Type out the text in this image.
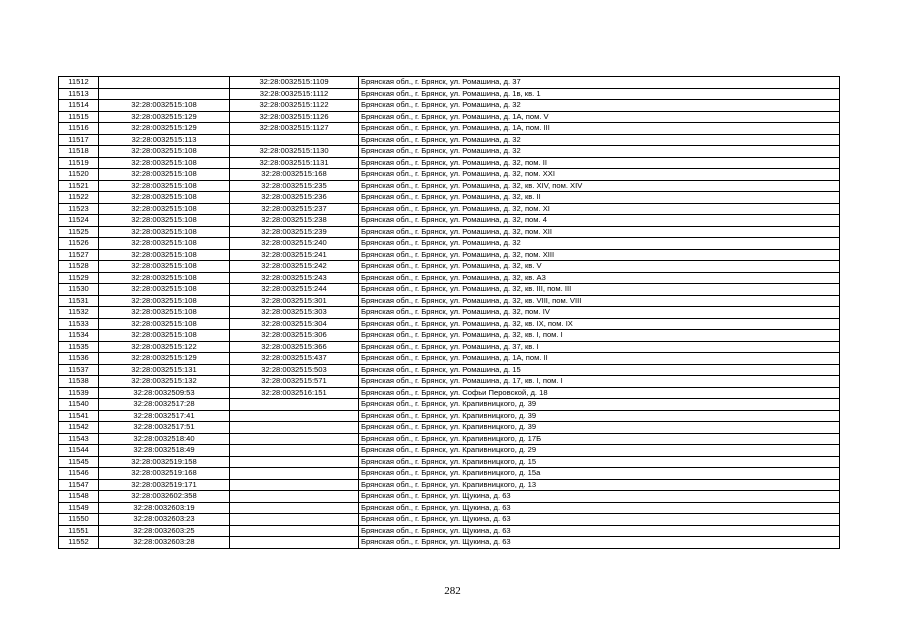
11512		32:28:0032515:1109	Брянская обл., г. Брянск, ул. Ромашина, д. 37
11513		32:28:0032515:1112	Брянская обл., г. Брянск, ул. Ромашина, д. 1в, кв. 1
11514	32:28:0032515:108	32:28:0032515:1122	Брянская обл., г. Брянск, ул. Ромашина, д. 32
11515	32:28:0032515:129	32:28:0032515:1126	Брянская обл., г. Брянск, ул. Ромашина, д. 1А, пом. V
11516	32:28:0032515:129	32:28:0032515:1127	Брянская обл., г. Брянск, ул. Ромашина, д. 1А, пом. III
11517	32:28:0032515:113		Брянская обл., г. Брянск, ул. Ромашина, д. 32
11518	32:28:0032515:108	32:28:0032515:1130	Брянская обл., г. Брянск, ул. Ромашина, д. 32
11519	32:28:0032515:108	32:28:0032515:1131	Брянская обл., г. Брянск, ул. Ромашина, д. 32, пом. II
11520	32:28:0032515:108	32:28:0032515:168	Брянская обл., г. Брянск, ул. Ромашина, д. 32, пом. XXI
11521	32:28:0032515:108	32:28:0032515:235	Брянская обл., г. Брянск, ул. Ромашина, д. 32, кв. XIV, пом. XIV
11522	32:28:0032515:108	32:28:0032515:236	Брянская обл., г. Брянск, ул. Ромашина, д. 32, кв. II
11523	32:28:0032515:108	32:28:0032515:237	Брянская обл., г. Брянск, ул. Ромашина, д. 32, пом. XI
11524	32:28:0032515:108	32:28:0032515:238	Брянская обл., г. Брянск, ул. Ромашина, д. 32, пом. 4
11525	32:28:0032515:108	32:28:0032515:239	Брянская обл., г. Брянск, ул. Ромашина, д. 32, пом. XII
11526	32:28:0032515:108	32:28:0032515:240	Брянская обл., г. Брянск, ул. Ромашина, д. 32
11527	32:28:0032515:108	32:28:0032515:241	Брянская обл., г. Брянск, ул. Ромашина, д. 32, пом. XIII
11528	32:28:0032515:108	32:28:0032515:242	Брянская обл., г. Брянск, ул. Ромашина, д. 32, кв. V
11529	32:28:0032515:108	32:28:0032515:243	Брянская обл., г. Брянск, ул. Ромашина, д. 32, кв. А3
11530	32:28:0032515:108	32:28:0032515:244	Брянская обл., г. Брянск, ул. Ромашина, д. 32, кв. III, пом. III
11531	32:28:0032515:108	32:28:0032515:301	Брянская обл., г. Брянск, ул. Ромашина, д. 32, кв. VIII, пом. VIII
11532	32:28:0032515:108	32:28:0032515:303	Брянская обл., г. Брянск, ул. Ромашина, д. 32, пом. IV
11533	32:28:0032515:108	32:28:0032515:304	Брянская обл., г. Брянск, ул. Ромашина, д. 32, кв. IX, пом. IX
11534	32:28:0032515:108	32:28:0032515:306	Брянская обл., г. Брянск, ул. Ромашина, д. 32, кв. I, пом. I
11535	32:28:0032515:122	32:28:0032515:366	Брянская обл., г. Брянск, ул. Ромашина, д. 37, кв. I
11536	32:28:0032515:129	32:28:0032515:437	Брянская обл., г. Брянск, ул. Ромашина, д. 1А, пом. II
11537	32:28:0032515:131	32:28:0032515:503	Брянская обл., г. Брянск, ул. Ромашина, д. 15
11538	32:28:0032515:132	32:28:0032515:571	Брянская обл., г. Брянск, ул. Ромашина, д. 17, кв. I, пом. I
11539	32:28:0032509:53	32:28:0032516:151	Брянская обл., г. Брянск, ул. Софьи Перовской, д. 18
11540	32:28:0032517:28		Брянская обл., г. Брянск, ул. Крапивницкого, д. 39
11541	32:28:0032517:41		Брянская обл., г. Брянск, ул. Крапивницкого, д. 39
11542	32:28:0032517:51		Брянская обл., г. Брянск, ул. Крапивницкого, д. 39
11543	32:28:0032518:40		Брянская обл., г. Брянск, ул. Крапивницкого, д. 17Б
11544	32:28:0032518:49		Брянская обл., г. Брянск, ул. Крапивницкого, д. 29
11545	32:28:0032519:158		Брянская обл., г. Брянск, ул. Крапивницкого, д. 15
11546	32:28:0032519:168		Брянская обл., г. Брянск, ул. Крапивницкого, д. 15а
11547	32:28:0032519:171		Брянская обл., г. Брянск, ул. Крапивницкого, д. 13
11548	32:28:0032602:358		Брянская обл., г. Брянск, ул. Щукина, д. 63
11549	32:28:0032603:19		Брянская обл., г. Брянск, ул. Щукина, д. 63
11550	32:28:0032603:23		Брянская обл., г. Брянск, ул. Щукина, д. 63
11551	32:28:0032603:25		Брянская обл., г. Брянск, ул. Щукина, д. 63
11552	32:28:0032603:28		Брянская обл., г. Брянск, ул. Щукина, д. 63
282
